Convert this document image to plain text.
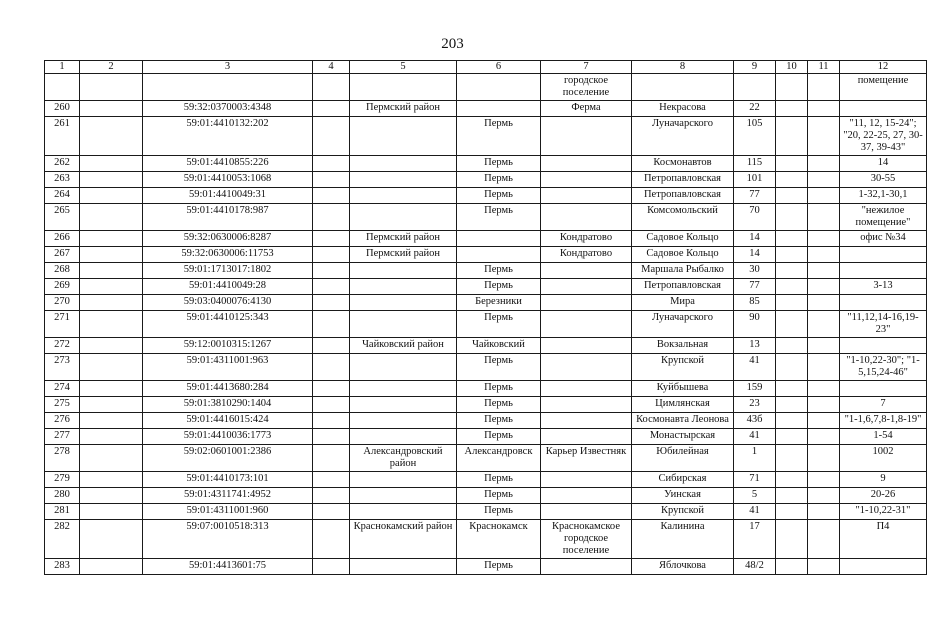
203
1	2	3	4	5	6	7	8	9	10	11	12
						городское поселение					помещение
260		59:32:0370003:4348		Пермский район		Ферма	Некрасова	22			
261		59:01:4410132:202			Пермь		Луначарского	105			"11, 12, 15-24"; "20, 22-25, 27, 30-37, 39-43"
262		59:01:4410855:226			Пермь		Космонавтов	115			14
263		59:01:4410053:1068			Пермь		Петропавловская	101			30-55
264		59:01:4410049:31			Пермь		Петропавловская	77			1-32,1-30,1
265		59:01:4410178:987			Пермь		Комсомольский	70			"нежилое помещение"
266		59:32:0630006:8287		Пермский район		Кондратово	Садовое Кольцо	14			офис №34
267		59:32:0630006:11753		Пермский район		Кондратово	Садовое Кольцо	14			
268		59:01:1713017:1802			Пермь		Маршала Рыбалко	30			
269		59:01:4410049:28			Пермь		Петропавловская	77			3-13
270		59:03:0400076:4130			Березники		Мира	85			
271		59:01:4410125:343			Пермь		Луначарского	90			"11,12,14-16,19-23"
272		59:12:0010315:1267		Чайковский район	Чайковский		Вокзальная	13			
273		59:01:4311001:963			Пермь		Крупской	41			"1-10,22-30"; "1-5,15,24-46"
274		59:01:4413680:284			Пермь		Куйбышева	159			
275		59:01:3810290:1404			Пермь		Цимлянская	23			7
276		59:01:4416015:424			Пермь		Космонавта Леонова	43б			"1-1,6,7,8-1,8-19"
277		59:01:4410036:1773			Пермь		Монастырская	41			1-54
278		59:02:0601001:2386		Александровский район	Александровск	Карьер Известняк	Юбилейная	1			1002
279		59:01:4410173:101			Пермь		Сибирская	71			9
280		59:01:4311741:4952			Пермь		Уинская	5			20-26
281		59:01:4311001:960			Пермь		Крупской	41			"1-10,22-31"
282		59:07:0010518:313		Краснокамский район	Краснокамск	Краснокамское городское поселение	Калинина	17			П4
283		59:01:4413601:75			Пермь		Яблочкова	48/2			
